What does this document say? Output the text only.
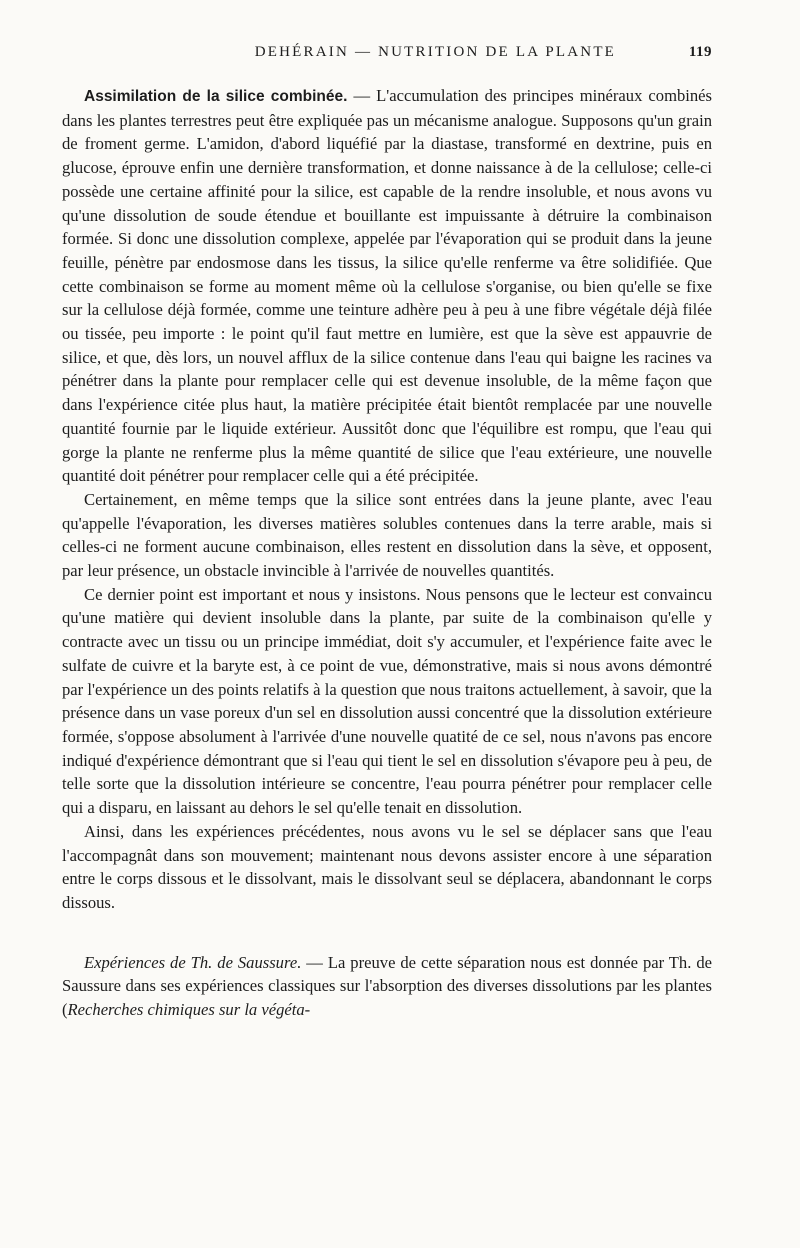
DEHÉRAIN — NUTRITION DE LA PLANTE	119

Assimilation de la silice combinée. — L'accumulation des principes minéraux combinés dans les plantes terrestres peut être expliquée pas un mécanisme analogue. Supposons qu'un grain de froment germe. L'amidon, d'abord liquéfié par la diastase, transformé en dextrine, puis en glucose, éprouve enfin une dernière transformation, et donne naissance à de la cellulose; celle-ci possède une certaine affinité pour la silice, est capable de la rendre insoluble, et nous avons vu qu'une dissolution de soude étendue et bouillante est impuissante à détruire la combinaison formée. Si donc une dissolution complexe, appelée par l'évaporation qui se produit dans la jeune feuille, pénètre par endosmose dans les tissus, la silice qu'elle renferme va être solidifiée. Que cette combinaison se forme au moment même où la cellulose s'organise, ou bien qu'elle se fixe sur la cellulose déjà formée, comme une teinture adhère peu à peu à une fibre végétale déjà filée ou tissée, peu importe : le point qu'il faut mettre en lumière, est que la sève est appauvrie de silice, et que, dès lors, un nouvel afflux de la silice contenue dans l'eau qui baigne les racines va pénétrer dans la plante pour remplacer celle qui est devenue insoluble, de la même façon que dans l'expérience citée plus haut, la matière précipitée était bientôt remplacée par une nouvelle quantité fournie par le liquide extérieur. Aussitôt donc que l'équilibre est rompu, que l'eau qui gorge la plante ne renferme plus la même quantité de silice que l'eau extérieure, une nouvelle quantité doit pénétrer pour remplacer celle qui a été précipitée.

Certainement, en même temps que la silice sont entrées dans la jeune plante, avec l'eau qu'appelle l'évaporation, les diverses matières solubles contenues dans la terre arable, mais si celles-ci ne forment aucune combinaison, elles restent en dissolution dans la sève, et opposent, par leur présence, un obstacle invincible à l'arrivée de nouvelles quantités.

Ce dernier point est important et nous y insistons. Nous pensons que le lecteur est convaincu qu'une matière qui devient insoluble dans la plante, par suite de la combinaison qu'elle y contracte avec un tissu ou un principe immédiat, doit s'y accumuler, et l'expérience faite avec le sulfate de cuivre et la baryte est, à ce point de vue, démonstrative, mais si nous avons démontré par l'expérience un des points relatifs à la question que nous traitons actuellement, à savoir, que la présence dans un vase poreux d'un sel en dissolution aussi concentré que la dissolution extérieure formée, s'oppose absolument à l'arrivée d'une nouvelle quatité de ce sel, nous n'avons pas encore indiqué d'expérience démontrant que si l'eau qui tient le sel en dissolution s'évapore peu à peu, de telle sorte que la dissolution intérieure se concentre, l'eau pourra pénétrer pour remplacer celle qui a disparu, en laissant au dehors le sel qu'elle tenait en dissolution.

Ainsi, dans les expériences précédentes, nous avons vu le sel se déplacer sans que l'eau l'accompagnât dans son mouvement; maintenant nous devons assister encore à une séparation entre le corps dissous et le dissolvant, mais le dissolvant seul se déplacera, abandonnant le corps dissous.

Expériences de Th. de Saussure. — La preuve de cette séparation nous est donnée par Th. de Saussure dans ses expériences classiques sur l'absorption des diverses dissolutions par les plantes (Recherches chimiques sur la végéta-
